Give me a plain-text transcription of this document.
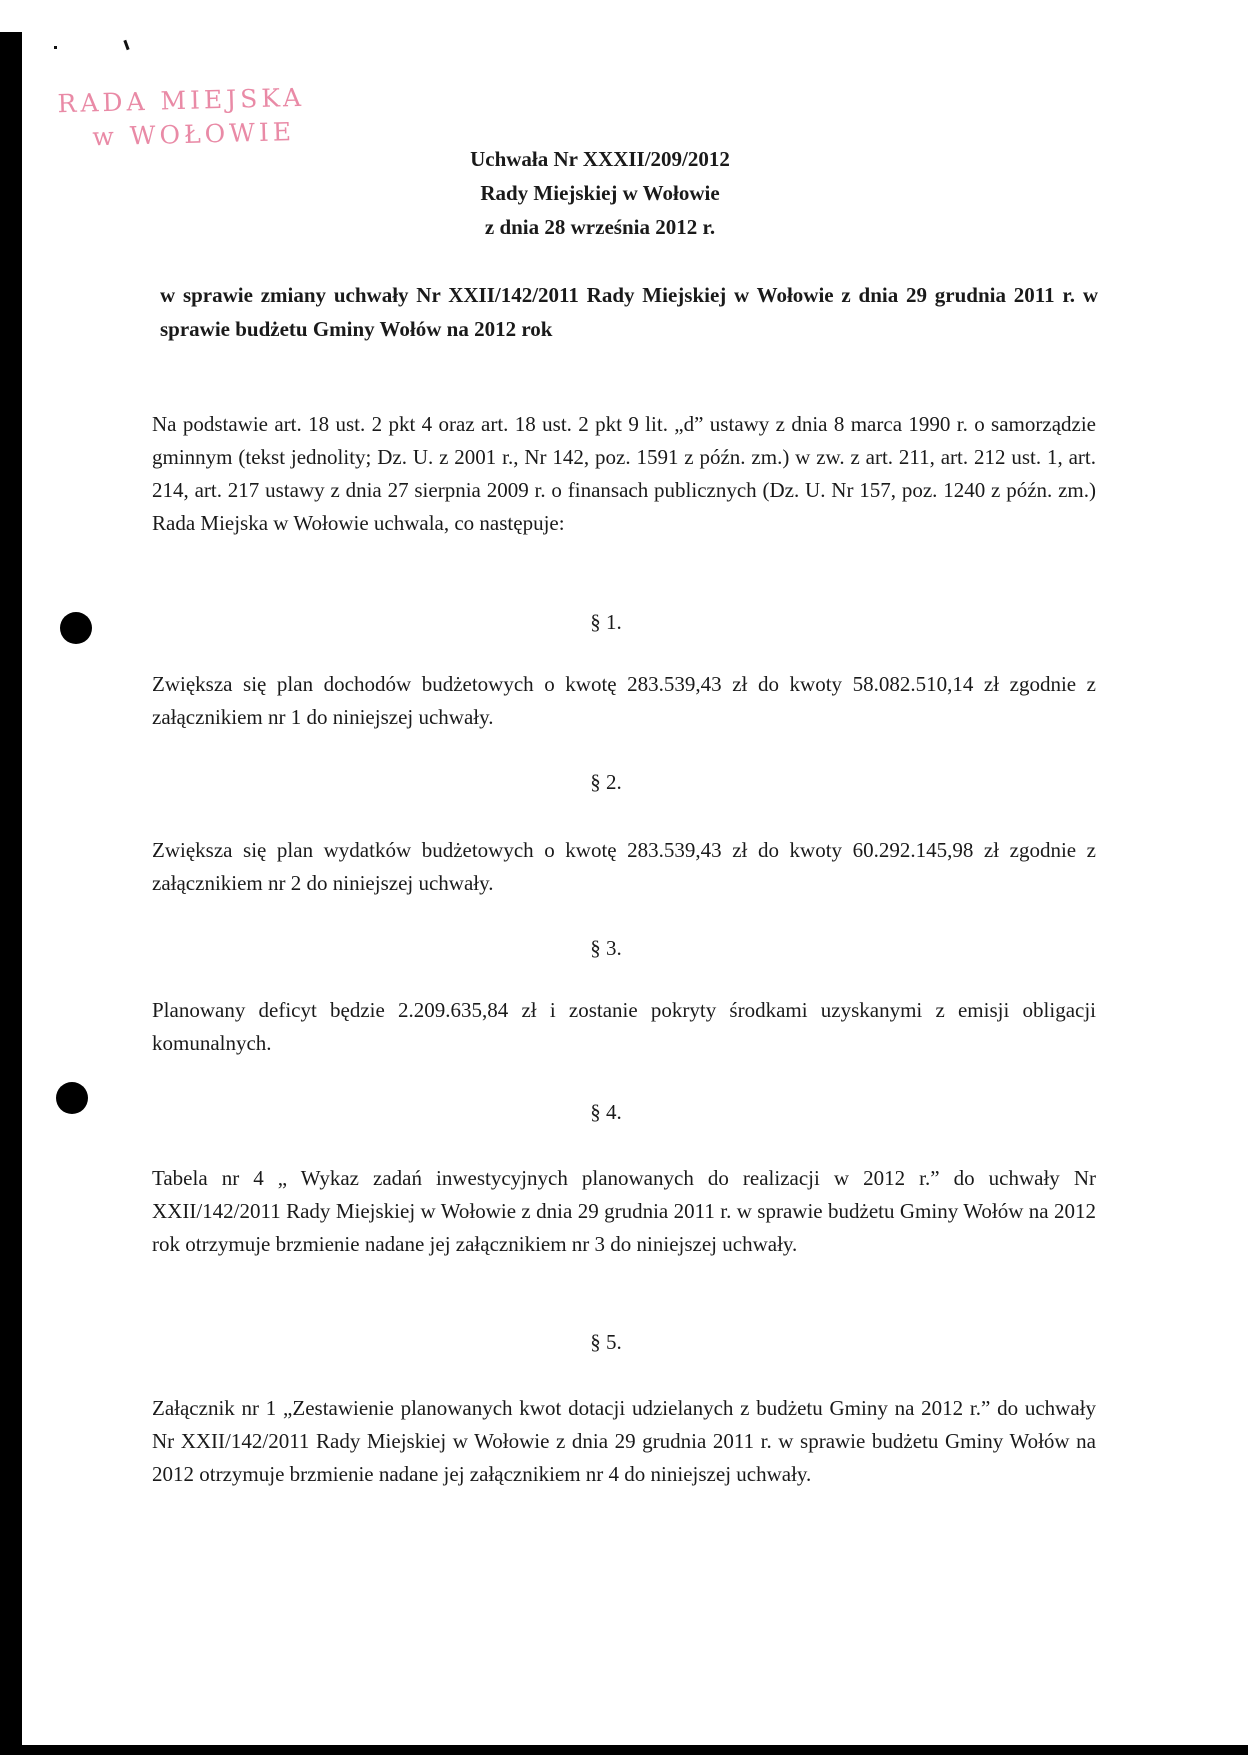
RADA MIEJSKA
w WOŁOWIE
Uchwała Nr XXXII/209/2012
Rady Miejskiej w Wołowie
z dnia 28 września 2012 r.
w sprawie zmiany uchwały Nr XXII/142/2011 Rady Miejskiej w Wołowie z dnia 29 grudnia 2011 r. w sprawie budżetu Gminy Wołów na 2012 rok
Na podstawie art. 18 ust. 2 pkt 4 oraz art. 18 ust. 2 pkt 9 lit. „d” ustawy z dnia 8 marca 1990 r. o samorządzie gminnym (tekst jednolity; Dz. U. z 2001 r., Nr 142, poz. 1591 z późn. zm.) w zw. z art. 211, art. 212 ust. 1, art. 214, art. 217 ustawy z dnia 27 sierpnia 2009 r. o finansach publicznych (Dz. U. Nr 157, poz. 1240 z późn. zm.) Rada Miejska w Wołowie uchwala, co następuje:
§ 1.
Zwiększa się plan dochodów budżetowych o kwotę 283.539,43 zł do kwoty 58.082.510,14 zł zgodnie z załącznikiem nr 1 do niniejszej uchwały.
§ 2.
Zwiększa się plan wydatków budżetowych o kwotę 283.539,43 zł do kwoty 60.292.145,98 zł zgodnie z załącznikiem nr 2 do niniejszej uchwały.
§ 3.
Planowany deficyt będzie 2.209.635,84 zł i zostanie pokryty środkami uzyskanymi z emisji obligacji komunalnych.
§ 4.
Tabela nr 4 „ Wykaz zadań inwestycyjnych planowanych do realizacji w 2012 r.” do uchwały Nr XXII/142/2011 Rady Miejskiej w Wołowie z dnia 29 grudnia 2011 r. w sprawie budżetu Gminy Wołów na 2012 rok otrzymuje brzmienie nadane jej załącznikiem nr 3 do niniejszej uchwały.
§ 5.
Załącznik nr 1 „Zestawienie planowanych kwot dotacji udzielanych z budżetu Gminy na 2012 r.” do uchwały Nr XXII/142/2011 Rady Miejskiej w Wołowie z dnia 29 grudnia 2011 r. w sprawie budżetu Gminy Wołów na 2012 otrzymuje brzmienie nadane jej załącznikiem nr 4 do niniejszej uchwały.
